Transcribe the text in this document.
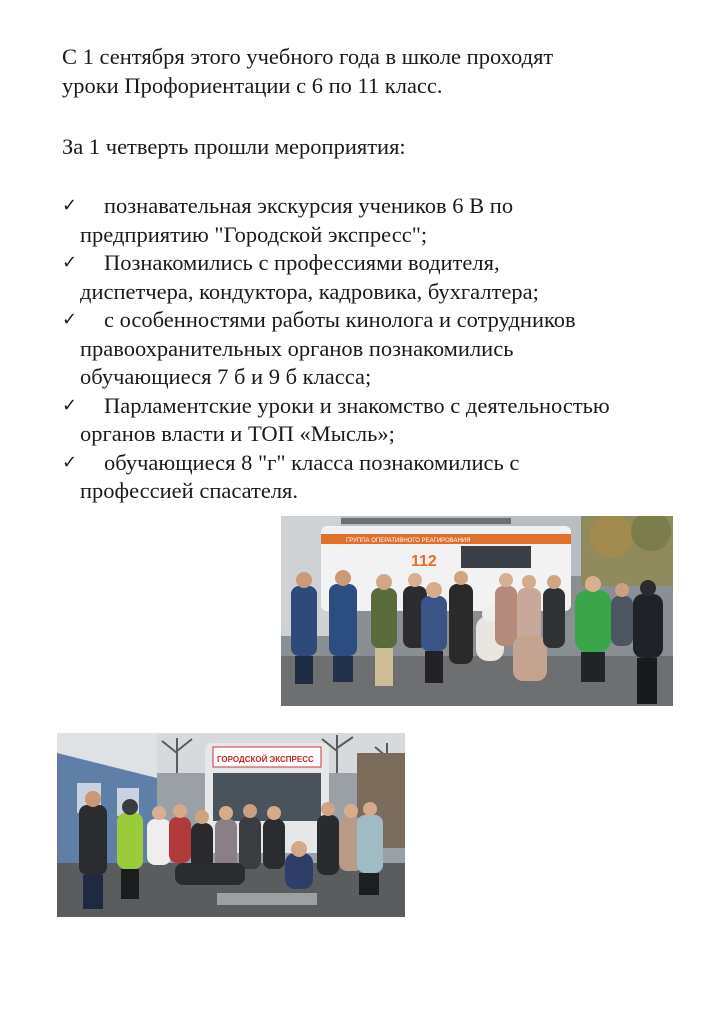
С 1 сентября этого учебного года в школе проходят

уроки Профориентации с 6 по 11 класс.

За 1 четверть прошли мероприятия:

✓	познавательная экскурсия учеников 6 В по
предприятию "Городской экспресс";
✓	Познакомились с профессиями водителя,
диспетчера, кондуктора, кадровика, бухгалтера;
✓	с особенностями работы кинолога и сотрудников
правоохранительных органов познакомились
обучающиеся 7 б и 9 б класса;
✓	Парламентские уроки и знакомство с деятельностью
органов власти и ТОП «Мысль»;
✓	обучающиеся 8 "г" класса познакомились с
профессией спасателя.
112
ГРУППА ОПЕРАТИВНОГО РЕАГИРОВАНИЯ
ГОРОДСКОЙ ЭКСПРЕСС
